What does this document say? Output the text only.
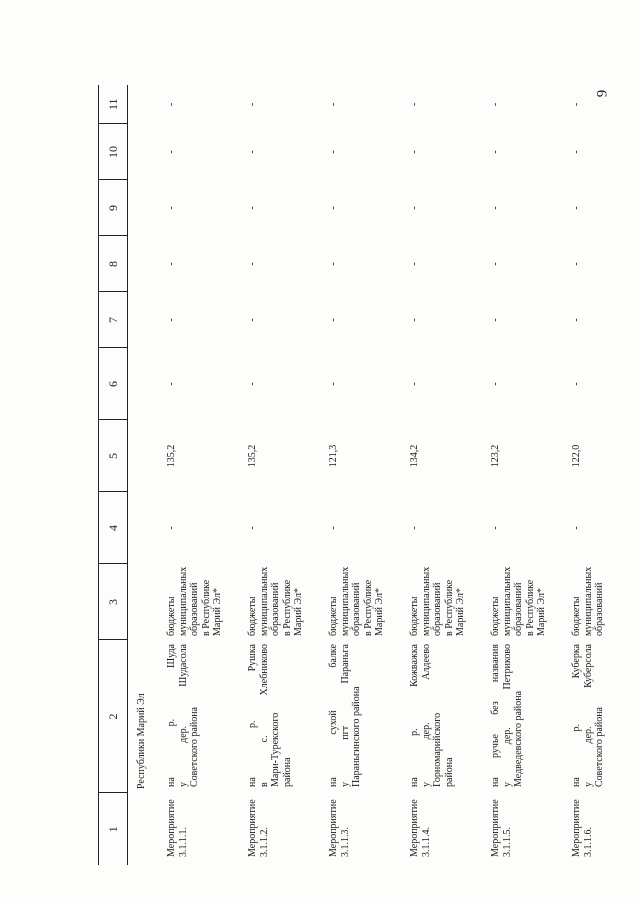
9
1	2	3	4	5	6	7	8	9	10	11
	Республики Марий Эл									
Мероприятие 3.1.1.1.	на р. Шуда у дер. Шудасола Советского района	бюджеты муниципальных образований в Республике Марий Эл*	-	135,2	-	-	-	-	-	-
Мероприятие 3.1.1.2.	на р. Рушка в с. Хлебниково Мари-Турекского района	бюджеты муниципальных образований в Республике Марий Эл*	-	135,2	-	-	-	-	-	-
Мероприятие 3.1.1.3.	на сухой балке у пгт Параньга Параньгинского района	бюджеты муниципальных образований в Республике Марий Эл*	-	121,3	-	-	-	-	-	-
Мероприятие 3.1.1.4.	на р. Кожважка у дер. Алдеево Горномарийского района	бюджеты муниципальных образований в Республике Марий Эл*	-	134,2	-	-	-	-	-	-
Мероприятие 3.1.1.5.	на ручье без названия у дер. Петриково Медведевского района	бюджеты муниципальных образований в Республике Марий Эл*	-	123,2	-	-	-	-	-	-
Мероприятие 3.1.1.6.	на р. Куберка у дер. Куберсола Советского района	бюджеты муниципальных образований	-	122,0	-	-	-	-	-	-
